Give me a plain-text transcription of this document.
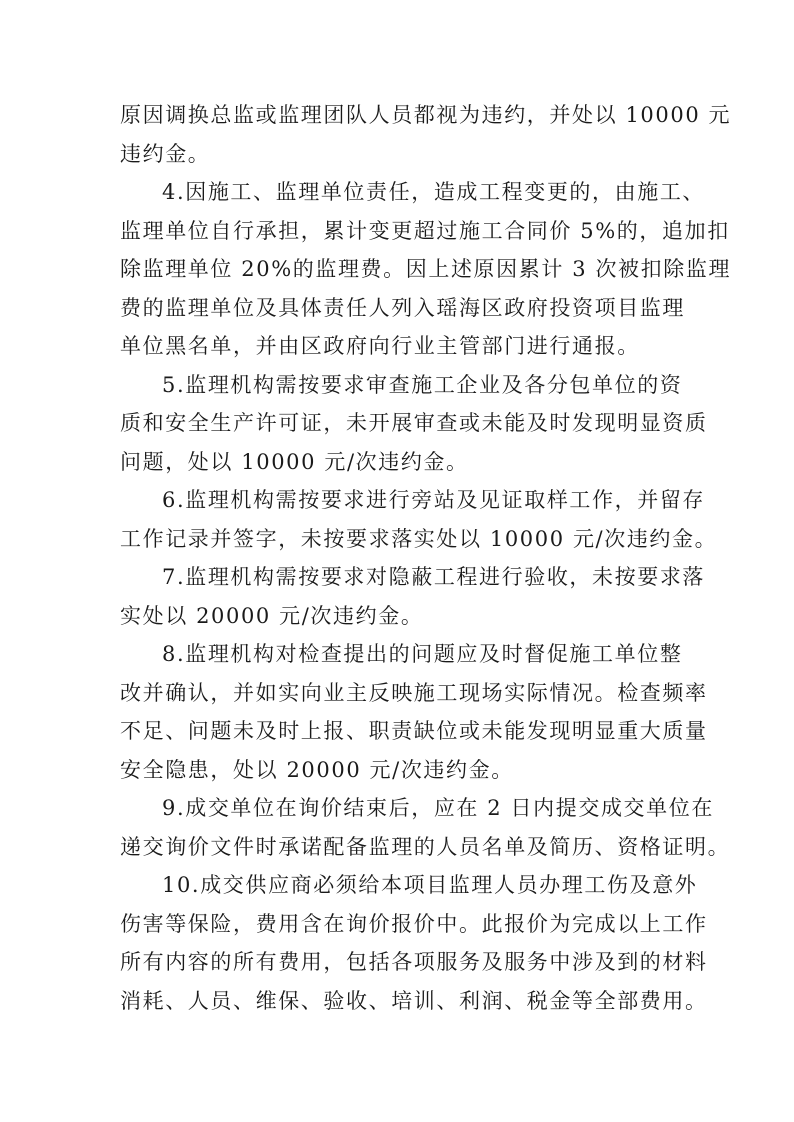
原因调换总监或监理团队人员都视为违约，并处以 10000 元
违约金。
4.因施工、监理单位责任，造成工程变更的，由施工、
监理单位自行承担，累计变更超过施工合同价 5%的，追加扣
除监理单位 20%的监理费。因上述原因累计 3 次被扣除监理
费的监理单位及具体责任人列入瑶海区政府投资项目监理
单位黑名单，并由区政府向行业主管部门进行通报。
5.监理机构需按要求审查施工企业及各分包单位的资
质和安全生产许可证，未开展审查或未能及时发现明显资质
问题，处以 10000 元/次违约金。
6.监理机构需按要求进行旁站及见证取样工作，并留存
工作记录并签字，未按要求落实处以 10000 元/次违约金。
7.监理机构需按要求对隐蔽工程进行验收，未按要求落
实处以 20000 元/次违约金。
8.监理机构对检查提出的问题应及时督促施工单位整
改并确认，并如实向业主反映施工现场实际情况。检查频率
不足、问题未及时上报、职责缺位或未能发现明显重大质量
安全隐患，处以 20000 元/次违约金。
9.成交单位在询价结束后，应在 2 日内提交成交单位在
递交询价文件时承诺配备监理的人员名单及简历、资格证明。
10.成交供应商必须给本项目监理人员办理工伤及意外
伤害等保险，费用含在询价报价中。此报价为完成以上工作
所有内容的所有费用，包括各项服务及服务中涉及到的材料
消耗、人员、维保、验收、培训、利润、税金等全部费用。
